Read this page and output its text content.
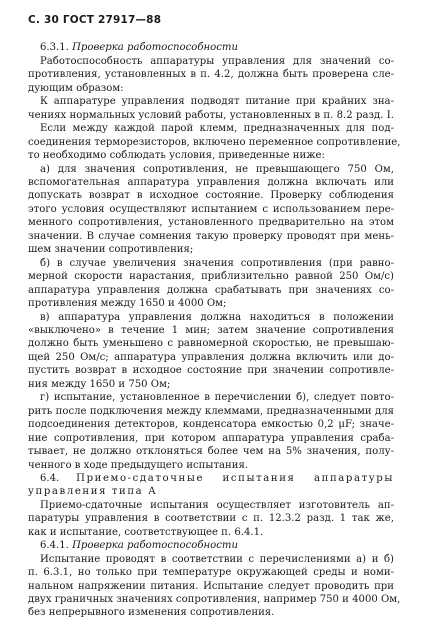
С. 30 ГОСТ 27917—88
6.3.1. Проверка работоспособности
Работоспособность аппаратуры управления для значений со-
противления, установленных в п. 4.2, должна быть проверена сле-
дующим образом:
К аппаратуре управления подводят питание при крайних зна-
чениях нормальных условий работы, установленных в п. 8.2 разд. I.
Если между каждой парой клемм, предназначенных для под-
соединения терморезисторов, включено переменное сопротивление,
то необходимо соблюдать условия, приведенные ниже:
а) для значения сопротивления, не превышающего 750 Ом,
вспомогательная аппаратура управления должна включать или
допускать возврат в исходное состояние. Проверку соблюдения
этого условия осуществляют испытанием с использованием пере-
менного сопротивления, установленного предварительно на этом
значении. В случае сомнения такую проверку проводят при мень-
шем значении сопротивления;
б) в случае увеличения значения сопротивления (при равно-
мерной скорости нарастания, приблизительно равной 250 Ом/с)
аппаратура управления должна срабатывать при значениях со-
противления между 1650 и 4000 Ом;
в) аппаратура управления должна находиться в положении
«выключено» в течение 1 мин; затем значение сопротивления
должно быть уменьшено с равномерной скоростью, не превышаю-
щей 250 Ом/с; аппаратура управления должна включить или до-
пустить возврат в исходное состояние при значении сопротивле-
ния между 1650 и 750 Ом;
г) испытание, установленное в перечислении б), следует повто-
рить после подключения между клеммами, предназначенными для
подсоединения детекторов, конденсатора емкостью 0,2 μF; значе-
ние сопротивления, при котором аппаратура управления сраба-
тывает, не должно отклоняться более чем на 5% значения, полу-
ченного в ходе предыдущего испытания.
6.4. Приемо-сдаточные испытания аппаратуры
управления типа А
Приемо-сдаточные испытания осуществляет изготовитель ап-
паратуры управления в соответствии с п. 12.3.2 разд. 1 так же,
как и испытание, соответствующее п. 6.4.1.
6.4.1. Проверка работоспособности
Испытание проводят в соответствии с перечислениями а) и б)
п. 6.3.1, но только при температуре окружающей среды и номи-
нальном напряжении питания. Испытание следует проводить при
двух граничных значениях сопротивления, например 750 и 4000 Ом,
без непрерывного изменения сопротивления.
